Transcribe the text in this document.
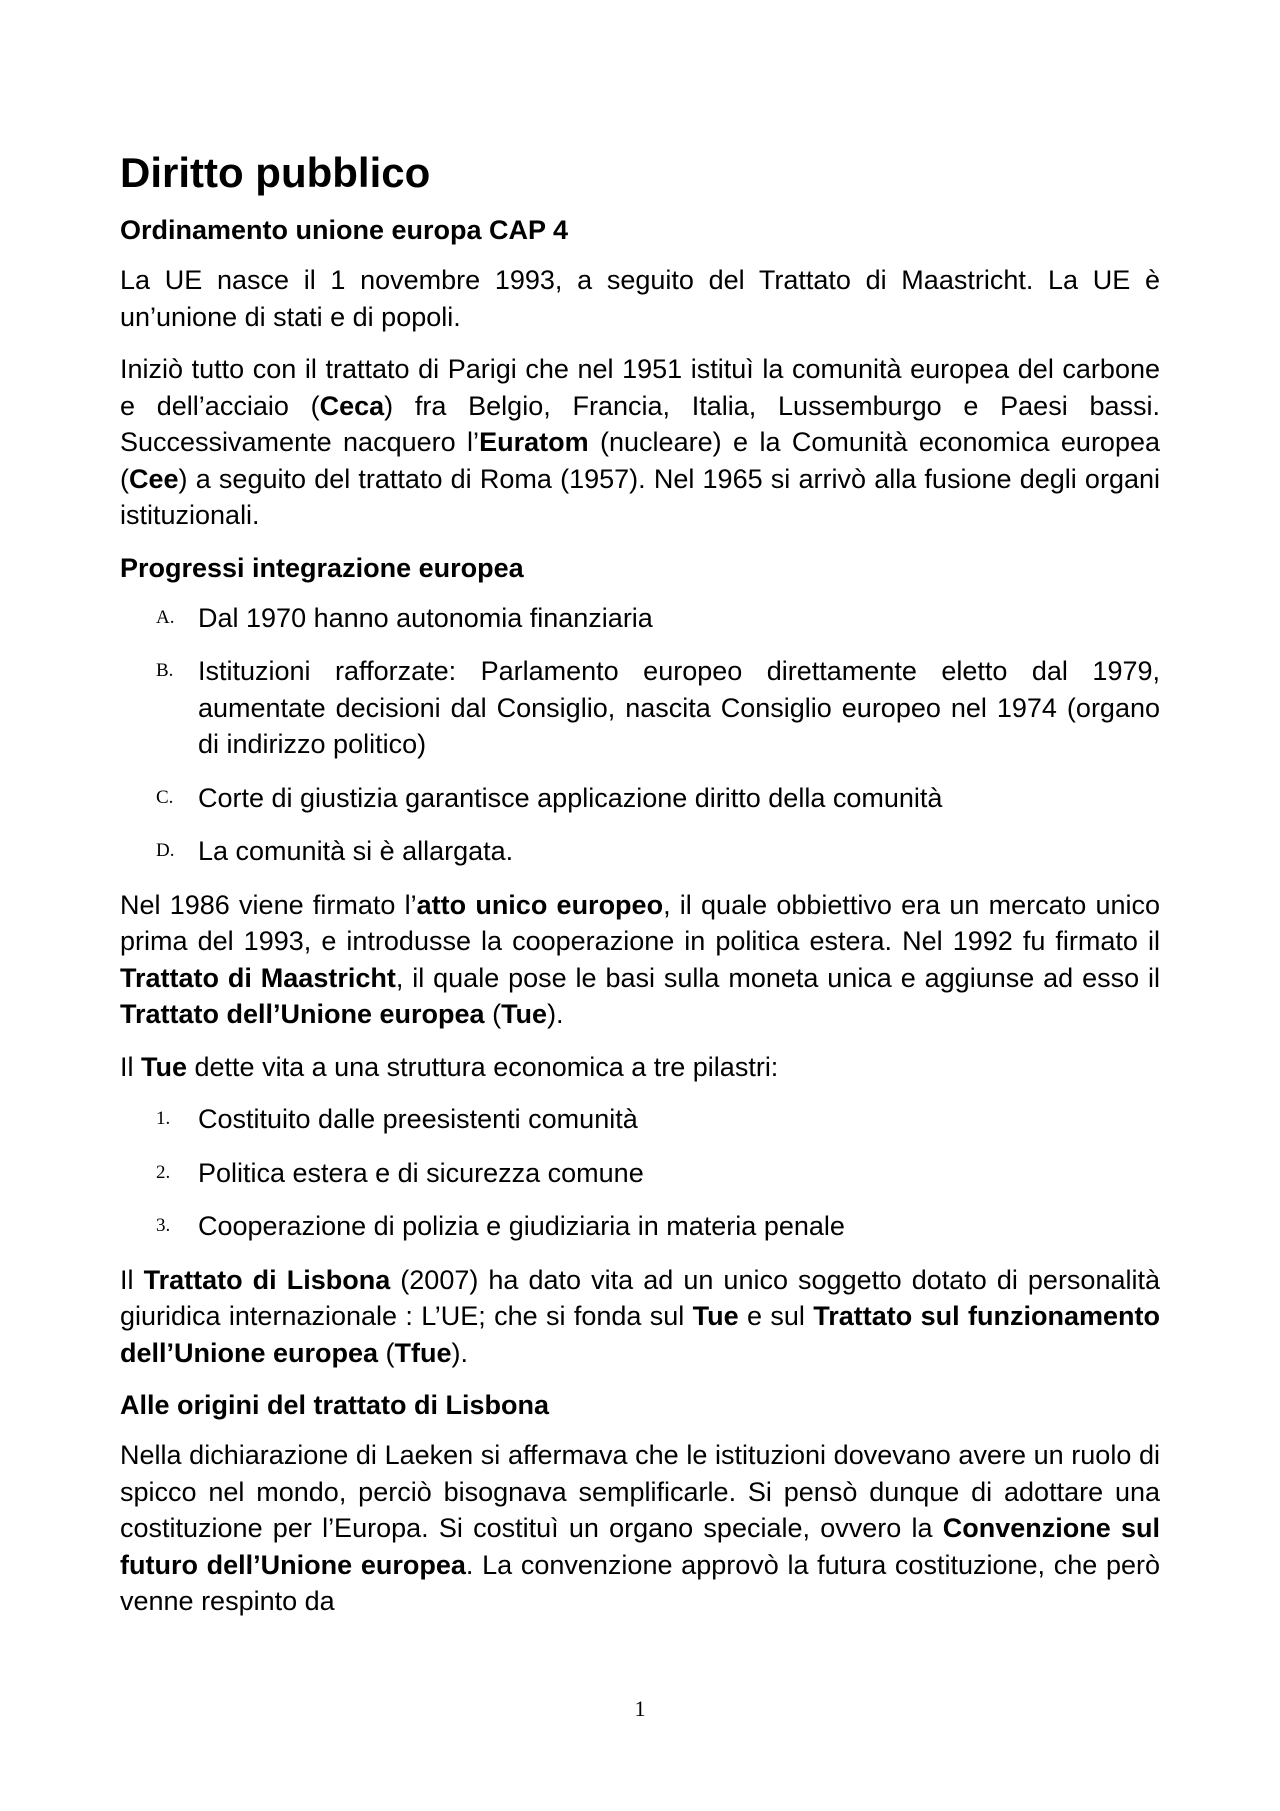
Diritto pubblico
Ordinamento unione europa CAP 4

La UE nasce il 1 novembre 1993, a seguito del Trattato di Maastricht. La UE è un’unione di stati e di popoli.

Iniziò tutto con il trattato di Parigi che nel 1951 istituì la comunità europea del carbone e dell’acciaio (Ceca) fra Belgio, Francia, Italia, Lussemburgo e Paesi bassi. Successivamente nacquero l’Euratom (nucleare) e la Comunità economica europea (Cee) a seguito del trattato di Roma (1957). Nel 1965 si arrivò alla fusione degli organi istituzionali.

Progressi integrazione europea
A. Dal 1970 hanno autonomia finanziaria
B. Istituzioni rafforzate: Parlamento europeo direttamente eletto dal 1979, aumentate decisioni dal Consiglio, nascita Consiglio europeo nel 1974 (organo di indirizzo politico)
C. Corte di giustizia garantisce applicazione diritto della comunità
D. La comunità si è allargata.

Nel 1986 viene firmato l’atto unico europeo, il quale obbiettivo era un mercato unico prima del 1993, e introdusse la cooperazione in politica estera. Nel 1992 fu firmato il Trattato di Maastricht, il quale pose le basi sulla moneta unica e aggiunse ad esso il Trattato dell’Unione europea (Tue).

Il Tue dette vita a una struttura economica a tre pilastri:

1.	Costituito dalle preesistenti comunità
2.	Politica estera e di sicurezza comune
3.	Cooperazione di polizia e giudiziaria in materia penale

Il Trattato di Lisbona (2007) ha dato vita ad un unico soggetto dotato di personalità giuridica internazionale : L’UE; che si fonda sul Tue e sul Trattato sul funzionamento dell’Unione europea (Tfue).

Alle origini del trattato di Lisbona

Nella dichiarazione di Laeken si affermava che le istituzioni dovevano avere un ruolo di spicco nel mondo, perciò bisognava semplificarle. Si pensò dunque di adottare una costituzione per l’Europa. Si costituì un organo speciale, ovvero la Convenzione sul futuro dell’Unione europea. La convenzione approvò la futura costituzione, che però venne respinto da

1
